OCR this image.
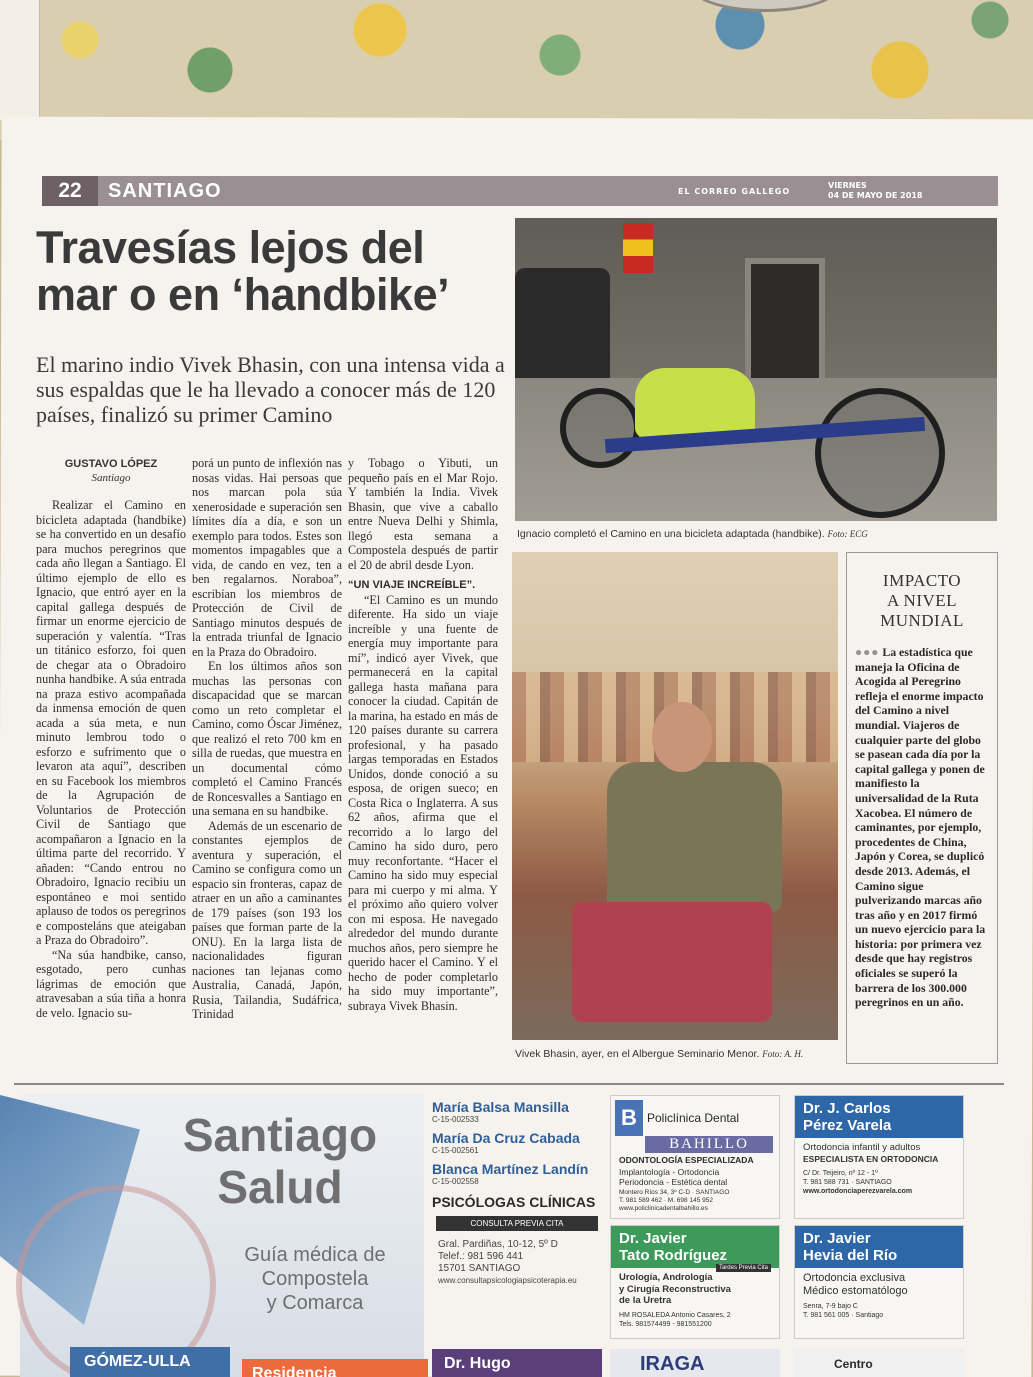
22	SANTIAGO	EL CORREO GALLEGO
VIERNES
04 DE MAYO DE 2018
Travesías lejos del
mar o en ‘handbike’
El marino indio Vivek Bhasin, con una intensa vida a sus espaldas que le ha llevado a conocer más de 120 países, finalizó su primer Camino
GUSTAVO LÓPEZ
Santiago

Realizar el Camino en bicicleta adaptada (handbike) se ha convertido en un desafío para muchos peregrinos que cada año llegan a Santiago. El último ejemplo de ello es Ignacio, que entró ayer en la capital gallega después de firmar un enorme ejercicio de superación y valentía. “Tras un titánico esforzo, foi quen de chegar ata o Obradoiro nunha handbike. A súa entrada na praza estivo acompañada da inmensa emoción de quen acada a súa meta, e nun minuto lembrou todo o esforzo e sufrimento que o levaron ata aquí”, describen en su Facebook los miembros de la Agrupación de Voluntarios de Protección Civil de Santiago que acompañaron a Ignacio en la última parte del recorrido. Y añaden: “Cando entrou no Obradoiro, Ignacio recibiu un espontáneo e moi sentido aplauso de todos os peregrinos e composteláns que ateigaban a Praza do Obradoiro”.

“Na súa handbike, canso, esgotado, pero cunhas lágrimas de emoción que atravesaban a súa tiña a honra de velo. Ignacio su-

porá un punto de inflexión nas nosas vidas. Hai persoas que nos marcan pola súa xenerosidade e superación sen límites día a día, e son un exemplo para todos. Estes son momentos impagables que a vida, de cando en vez, ten a ben regalarnos. Noraboa”, escribían los miembros de Protección de Civil de Santiago minutos después de la entrada triunfal de Ignacio en la Praza do Obradoiro.

En los últimos años son muchas las personas con discapacidad que se marcan como un reto completar el Camino, como Óscar Jiménez, que realizó el reto 700 km en silla de ruedas, que muestra en un documental cómo completó el Camino Francés de Roncesvalles a Santiago en una semana en su handbike.

Además de un escenario de constantes ejemplos de aventura y superación, el Camino se configura como un espacio sin fronteras, capaz de atraer en un año a caminantes de 179 países (son 193 los países que forman parte de la ONU). En la larga lista de nacionalidades figuran naciones tan lejanas como Australia, Canadá, Japón, Rusia, Tailandia, Sudáfrica, Trinidad

y Tobago o Yibuti, un pequeño país en el Mar Rojo. Y también la India. Vivek Bhasin, que vive a caballo entre Nueva Delhi y Shimla, llegó esta semana a Compostela después de partir el 20 de abril desde Lyon.

“UN VIAJE INCREÍBLE”.

“El Camino es un mundo diferente. Ha sido un viaje increíble y una fuente de energía muy importante para mí”, indicó ayer Vivek, que permanecerá en la capital gallega hasta mañana para conocer la ciudad. Capitán de la marina, ha estado en más de 120 países durante su carrera profesional, y ha pasado largas temporadas en Estados Unidos, donde conoció a su esposa, de origen sueco; en Costa Rica o Inglaterra. A sus 62 años, afirma que el recorrido a lo largo del Camino ha sido duro, pero muy reconfortante. “Hacer el Camino ha sido muy especial para mi cuerpo y mi alma. Y el próximo año quiero volver con mi esposa. He navegado alrededor del mundo durante muchos años, pero siempre he querido hacer el Camino. Y el hecho de poder completarlo ha sido muy importante”, subraya Vivek Bhasin.

Ignacio completó el Camino en una bicicleta adaptada (handbike). Foto: ECG
Vivek Bhasin, ayer, en el Albergue Seminario Menor. Foto: A. H.
IMPACTO
A NIVEL
MUNDIAL
●●● La estadística que maneja la Oficina de Acogida al Peregrino refleja el enorme impacto del Camino a nivel mundial. Viajeros de cualquier parte del globo se pasean cada día por la capital gallega y ponen de manifiesto la universalidad de la Ruta Xacobea. El número de caminantes, por ejemplo, procedentes de China, Japón y Corea, se duplicó desde 2013. Además, el Camino sigue pulverizando marcas año tras año y en 2017 firmó un nuevo ejercicio para la historia: por primera vez desde que hay registros oficiales se superó la barrera de los 300.000 peregrinos en un año.
Santiago
Salud
Guía médica de
Compostela
y Comarca
GÓMEZ-ULLA
Residencia
María Balsa Mansilla
C-15-002533
María Da Cruz Cabada
C-15-002561
Blanca Martínez Landín
C-15-002558
PSICÓLOGAS CLÍNICAS
CONSULTA PREVIA CITA
Gral. Pardiñas, 10-12, 5º D
Telef.: 981 596 441
15701 SANTIAGO
www.consultapsicologiapsicoterapia.eu
Dr. Hugo
B Policlínica Dental
BAHILLO
ODONTOLOGÍA ESPECIALIZADA
Implantología - Ortodoncia
Periodoncia - Estética dental
Montero Ríos 34, 3º C-D · SANTIAGO
T. 981 589 462 · M. 698 145 952
www.policlinicadentalbahillo.es
Dr. J. Carlos
Pérez Varela
Ortodoncia infantil y adultos
ESPECIALISTA EN ORTODONCIA
C/ Dr. Teijeiro, nº 12 - 1º
T. 981 588 731 · SANTIAGO
www.ortodonciaperezvarela.com
Dr. Javier
Tato Rodríguez
Tardes Previa Cita
Urología, Andrología
y Cirugía Reconstructiva
de la Uretra
HM ROSALEDA Antonio Casares, 2
Tels. 981574499 - 981551200
Dr. Javier
Hevia del Río
Ortodoncia exclusiva
Médico estomatólogo
Senra, 7-9 bajo C
T. 981 561 005 · Santiago
IRAGA	Centro
